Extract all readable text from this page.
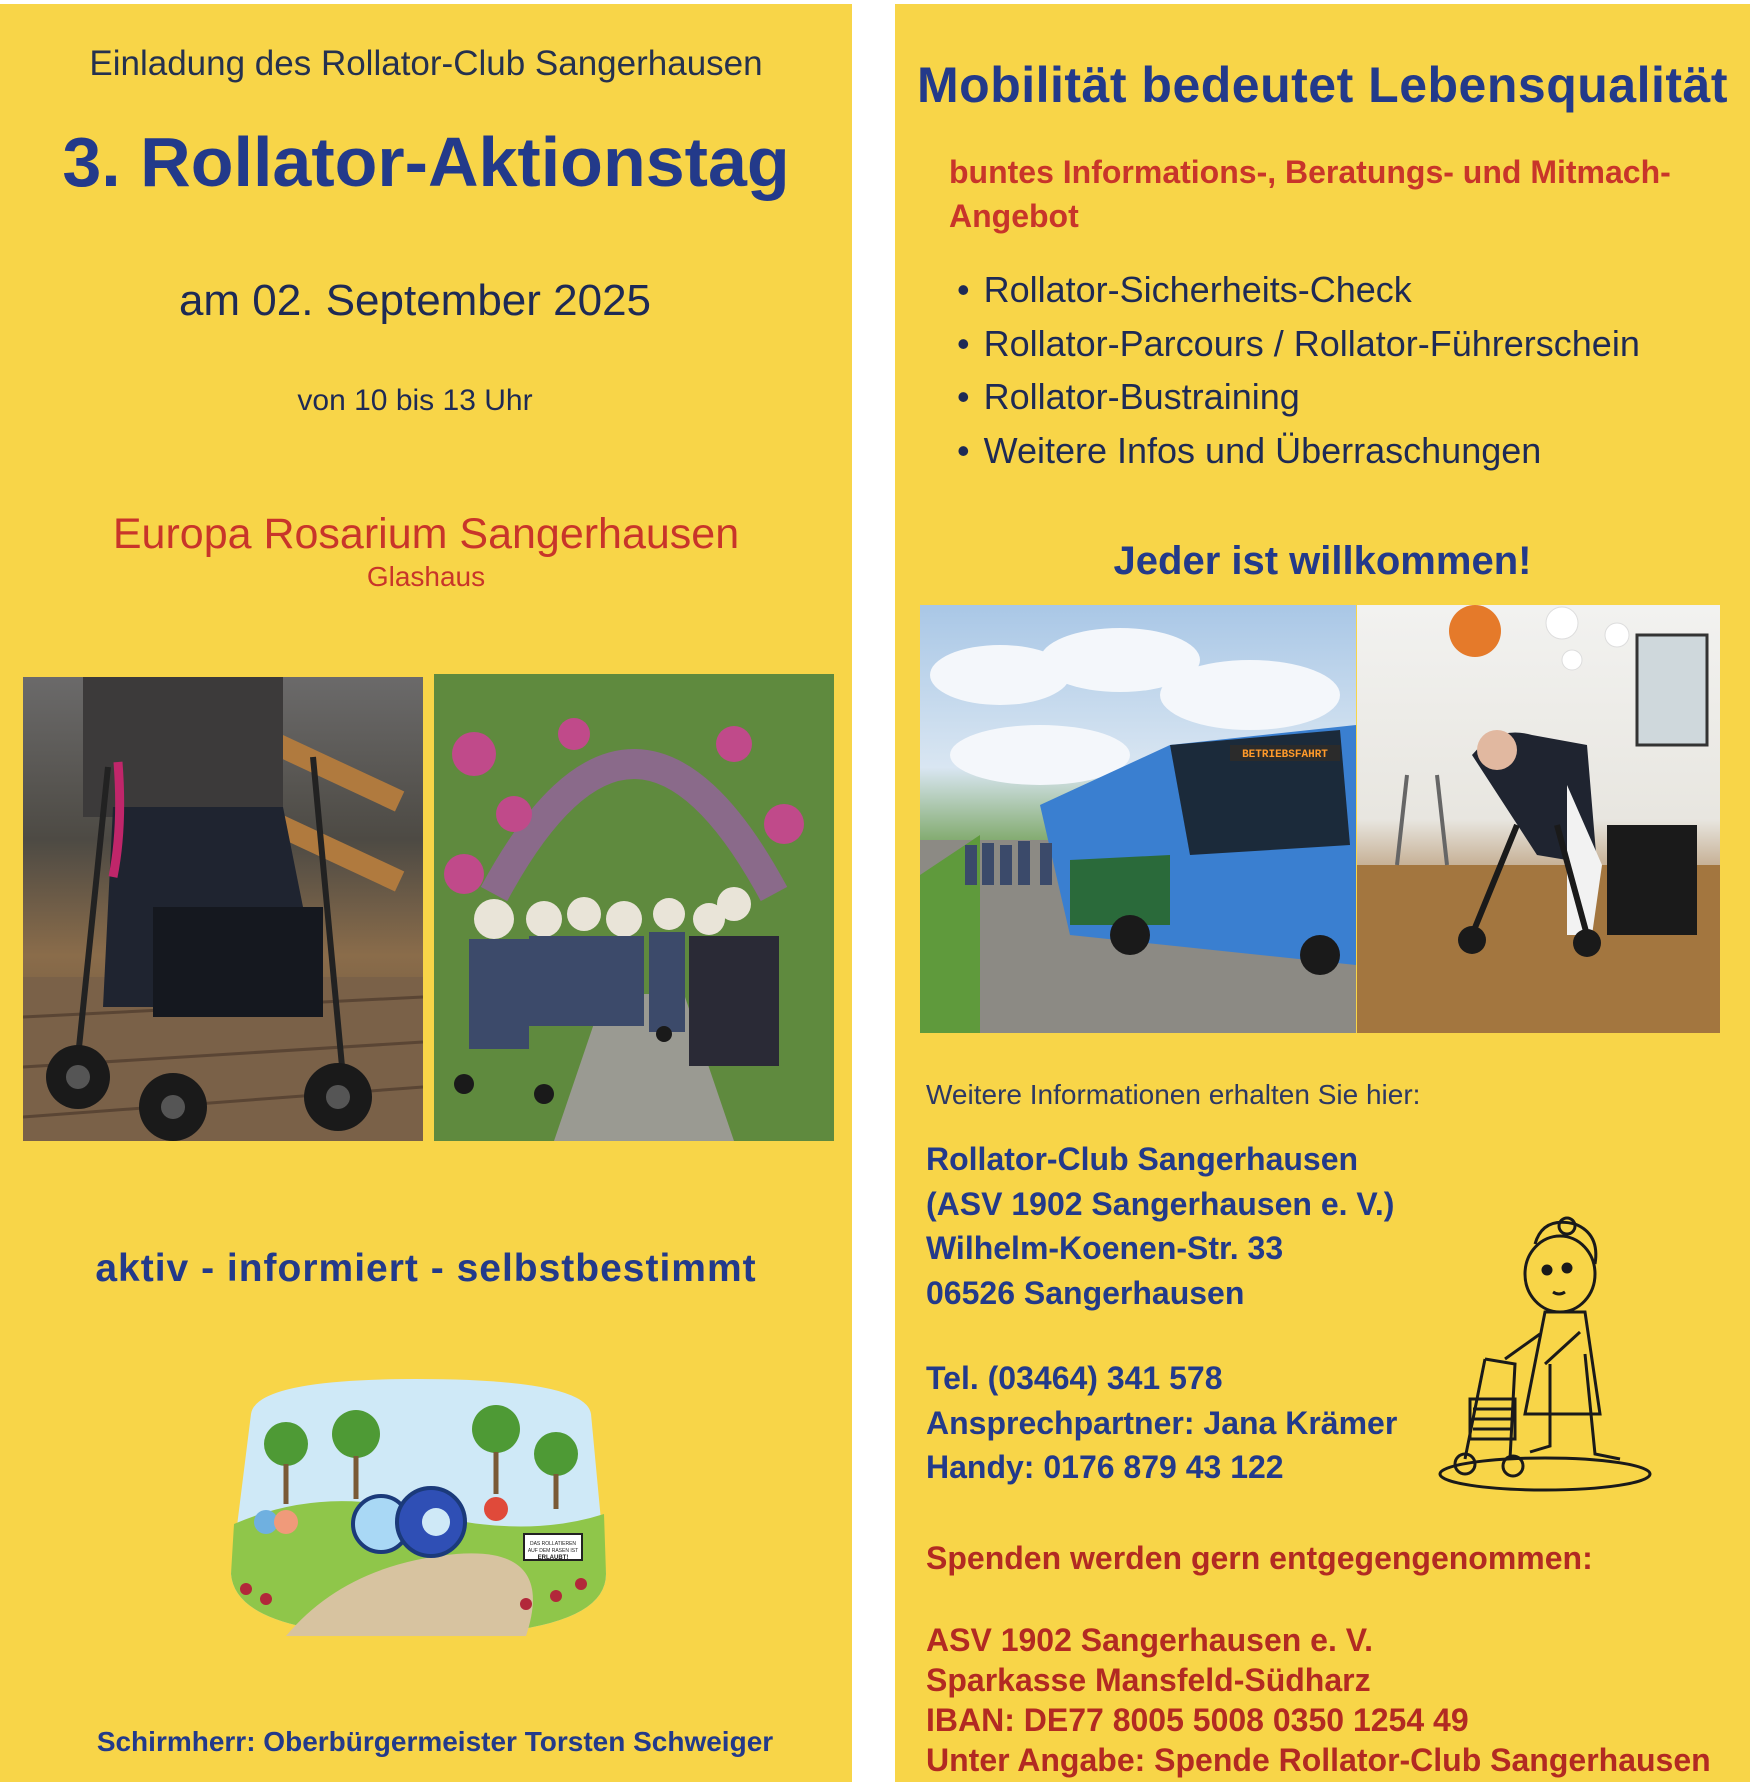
Einladung des Rollator-Club Sangerhausen
3. Rollator-Aktionstag
am 02. September 2025
von 10 bis 13 Uhr
Europa Rosarium Sangerhausen
Glashaus
aktiv - informiert - selbstbestimmt
DAS ROLLATIEREN
AUF DEM RASEN IST
ERLAUBT!
Schirmherr: Oberbürgermeister Torsten Schweiger
Mobilität bedeutet Lebensqualität
buntes Informations-, Beratungs- und Mitmach-Angebot
• Rollator-Sicherheits-Check
• Rollator-Parcours / Rollator-Führerschein
• Rollator-Bustraining
• Weitere Infos und Überraschungen
Jeder ist willkommen!
Weitere Informationen erhalten Sie hier:
Rollator-Club Sangerhausen
(ASV 1902 Sangerhausen e. V.)
Wilhelm-Koenen-Str. 33
06526 Sangerhausen
Tel. (03464) 341 578
Ansprechpartner: Jana Krämer
Handy: 0176 879 43 122
Spenden werden gern entgegengenommen:
ASV 1902 Sangerhausen e. V.
Sparkasse Mansfeld-Südharz
IBAN: DE77 8005 5008 0350 1254 49
Unter Angabe: Spende Rollator-Club Sangerhausen
BETRIEBSFAHRT
